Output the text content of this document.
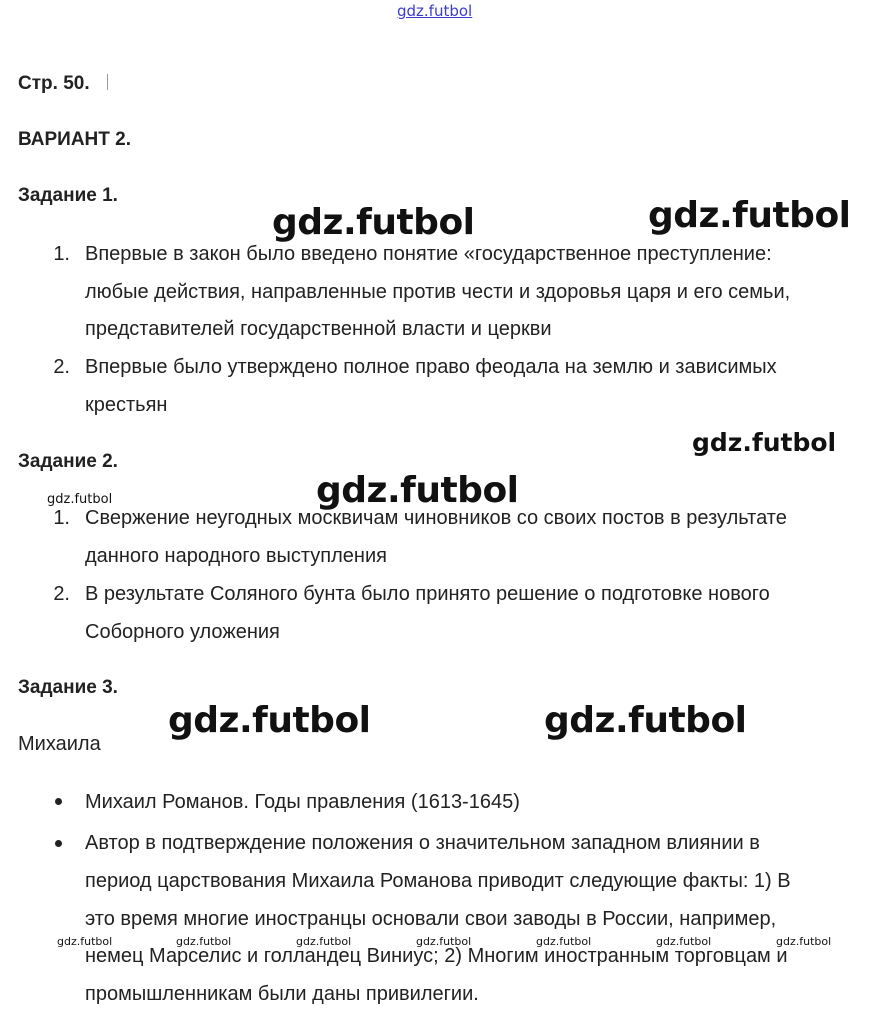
gdz.futbol
Стр. 50.
ВАРИАНТ 2.
Задание 1.
1. Впервые в закон было введено понятие «государственное преступление:
любые действия, направленные против чести и здоровья царя и его семьи,
представителей государственной власти и церкви
2. Впервые было утверждено полное право феодала на землю и зависимых
крестьян
Задание 2.
1. Свержение неугодных москвичам чиновников со своих постов в результате
данного народного выступления
2. В результате Соляного бунта было принято решение о подготовке нового
Соборного уложения
Задание 3.
Михаила
Михаил Романов. Годы правления (1613-1645)
Автор в подтверждение положения о значительном западном влиянии в
период царствования Михаила Романова приводит следующие факты: 1) В
это время многие иностранцы основали свои заводы в России, например,
немец Марселис и голландец Виниус; 2) Многим иностранным торговцам и
промышленникам были даны привилегии.
gdz.futbol	gdz.futbol
gdz.futbol
gdz.futbol
gdz.futbol
gdz.futbol	gdz.futbol
gdz.futbol	gdz.futbol	gdz.futbol	gdz.futbol	gdz.futbol	gdz.futbol	gdz.futbol
